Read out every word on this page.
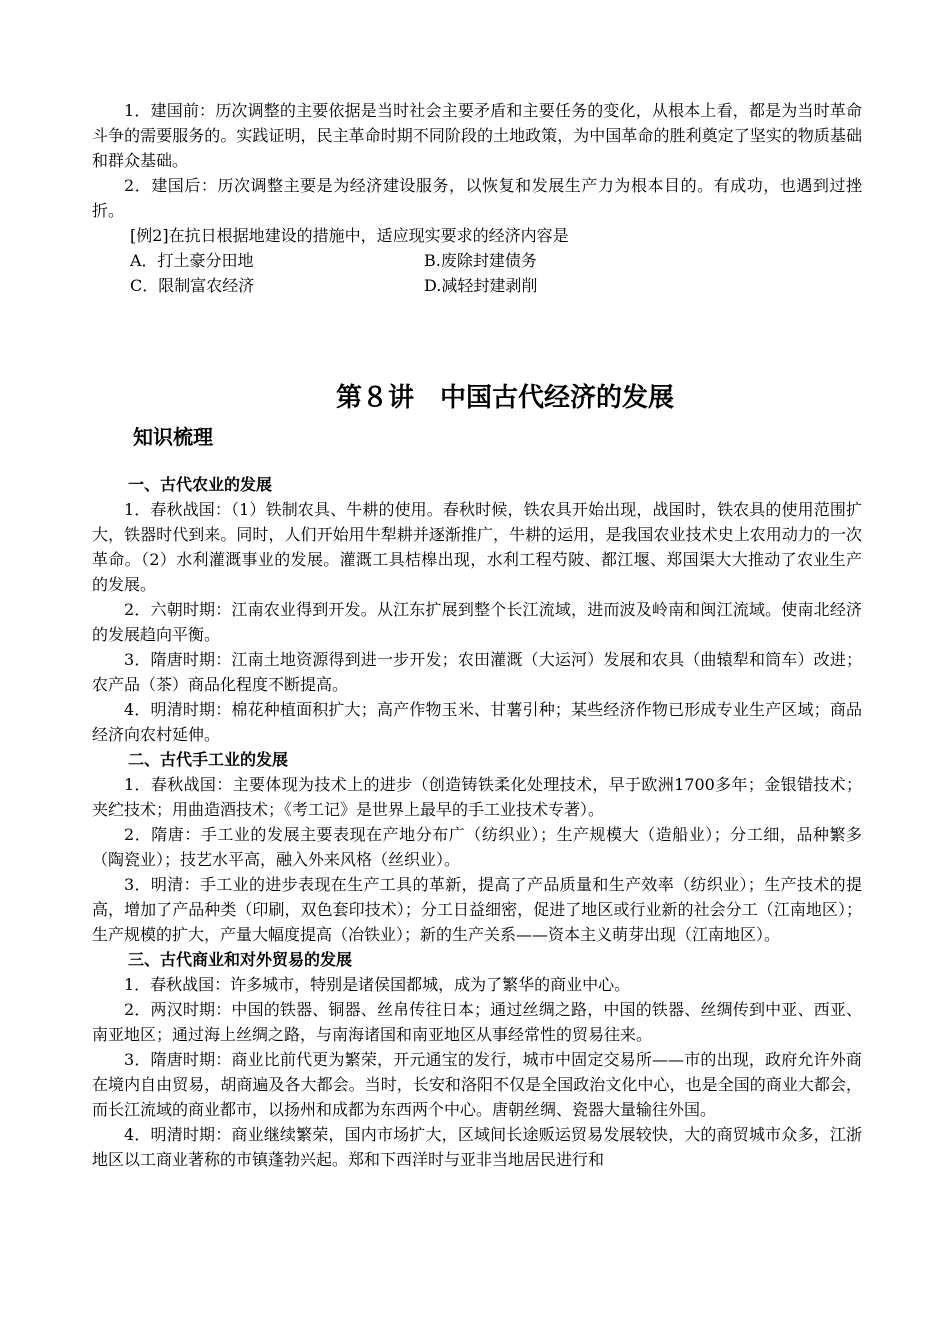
1．建国前：历次调整的主要依据是当时社会主要矛盾和主要任务的变化，从根本上看，都是为当时革命斗争的需要服务的。实践证明，民主革命时期不同阶段的土地政策，为中国革命的胜利奠定了坚实的物质基础和群众基础。

2．建国后：历次调整主要是为经济建设服务，以恢复和发展生产力为根本目的。有成功，也遇到过挫折。

[例2]在抗日根据地建设的措施中，适应现实要求的经济内容是

A．打土豪分田地	B.废除封建债务
C．限制富农经济	D.减轻封建剥削
第８讲　中国古代经济的发展
知识梳理
一、古代农业的发展

1．春秋战国：（1）铁制农具、牛耕的使用。春秋时候，铁农具开始出现，战国时，铁农具的使用范围扩大，铁器时代到来。同时，人们开始用牛犁耕并逐渐推广，牛耕的运用，是我国农业技术史上农用动力的一次革命。（2）水利灌溉事业的发展。灌溉工具桔槔出现，水利工程芍陂、都江堰、郑国渠大大推动了农业生产的发展。

2．六朝时期：江南农业得到开发。从江东扩展到整个长江流域，进而波及岭南和闽江流域。使南北经济的发展趋向平衡。

3．隋唐时期：江南土地资源得到进一步开发；农田灌溉（大运河）发展和农具（曲辕犁和筒车）改进；农产品（茶）商品化程度不断提高。

4．明清时期：棉花种植面积扩大；高产作物玉米、甘薯引种；某些经济作物已形成专业生产区域；商品经济向农村延伸。

二、古代手工业的发展

1．春秋战国：主要体现为技术上的进步（创造铸铁柔化处理技术，早于欧洲1700多年；金银错技术；夹纻技术；用曲造酒技术；《考工记》是世界上最早的手工业技术专著）。

2．隋唐：手工业的发展主要表现在产地分布广（纺织业）；生产规模大（造船业）；分工细，品种繁多（陶瓷业）；技艺水平高，融入外来风格（丝织业）。

3．明清：手工业的进步表现在生产工具的革新，提高了产品质量和生产效率（纺织业）；生产技术的提高，增加了产品种类（印刷，双色套印技术）；分工日益细密，促进了地区或行业新的社会分工（江南地区）；生产规模的扩大，产量大幅度提高（冶铁业）；新的生产关系——资本主义萌芽出现（江南地区）。

三、古代商业和对外贸易的发展

1．春秋战国：许多城市，特别是诸侯国都城，成为了繁华的商业中心。

2．两汉时期：中国的铁器、铜器、丝帛传往日本；通过丝绸之路，中国的铁器、丝绸传到中亚、西亚、南亚地区；通过海上丝绸之路，与南海诸国和南亚地区从事经常性的贸易往来。

3．隋唐时期：商业比前代更为繁荣，开元通宝的发行，城市中固定交易所——市的出现，政府允许外商在境内自由贸易，胡商遍及各大都会。当时，长安和洛阳不仅是全国政治文化中心，也是全国的商业大都会，而长江流域的商业都市，以扬州和成都为东西两个中心。唐朝丝绸、瓷器大量输往外国。

4．明清时期：商业继续繁荣，国内市场扩大，区域间长途贩运贸易发展较快，大的商贸城市众多，江浙地区以工商业著称的市镇蓬勃兴起。郑和下西洋时与亚非当地居民进行和
